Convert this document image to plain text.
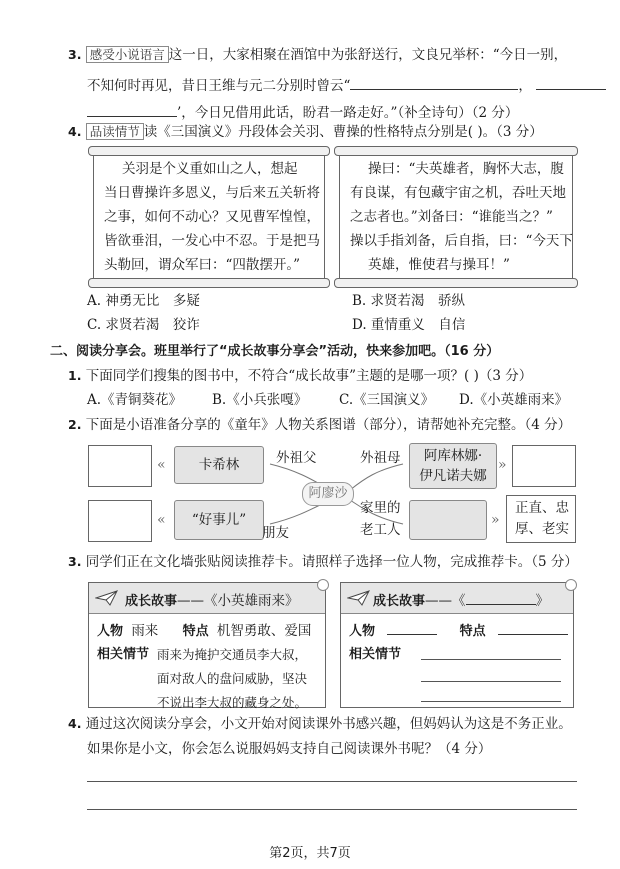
3. 感受小说语言 这一日，大家相聚在酒馆中为张舒送行，文良兄举杯：“今日一别，
不知何时再见，昔日王维与元二分别时曾云“	，
’，今日兄借用此话，盼君一路走好。”（补全诗句）（2 分）
4. 品读情节 读《三国演义》丹段体会关羽、曹操的性格特点分别是( )。（3 分）
关羽是个义重如山之人，想起
当日曹操许多恩义，与后来五关斩将
之事，如何不动心？又见曹军惶惶，
皆欲垂泪，一发心中不忍。于是把马
头勒回，谓众军曰：“四散摆开。”
操曰：“夫英雄者，胸怀大志，腹
有良谋，有包藏宇宙之机，吞吐天地
之志者也。”刘备曰：“谁能当之？”
操以手指刘备，后自指，曰：“今天下
英雄，惟使君与操耳！”
A. 神勇无比　多疑	B. 求贤若渴　骄纵
C. 求贤若渴　狡诈	D. 重情重义　自信
二、阅读分享会。班里举行了“成长故事分享会”活动，快来参加吧。（16 分）
1. 下面同学们搜集的图书中，不符合“成长故事”主题的是哪一项？( )（3 分）
A.《青铜葵花》 B.《小兵张嘎》 C.《三国演义》 D.《小英雄雨来》
2. 下面是小语准备分享的《童年》人物关系图谱（部分），请帮她补充完整。（4 分）
«	卡希林	外祖父	外祖母	阿库林娜·
伊凡诺夫娜
»
阿廖沙
«	“好事儿”
朋友
家里的
老工人
»
正直、忠
厚、老实
3. 同学们正在文化墙张贴阅读推荐卡。请照样子选择一位人物，完成推荐卡。（5 分）
成长故事——《小英雄雨来》
人物 雨来 特点 机智勇敢、爱国
相关情节 雨来为掩护交通员李大叔，
面对敌人的盘问威胁，坚决
不说出李大叔的藏身之处。
成长故事——《	》
人物	特点
相关情节
4. 通过这次阅读分享会，小文开始对阅读课外书感兴趣，但妈妈认为这是不务正业。
如果你是小文，你会怎么说服妈妈支持自己阅读课外书呢？（4 分）
第2页，共7页
